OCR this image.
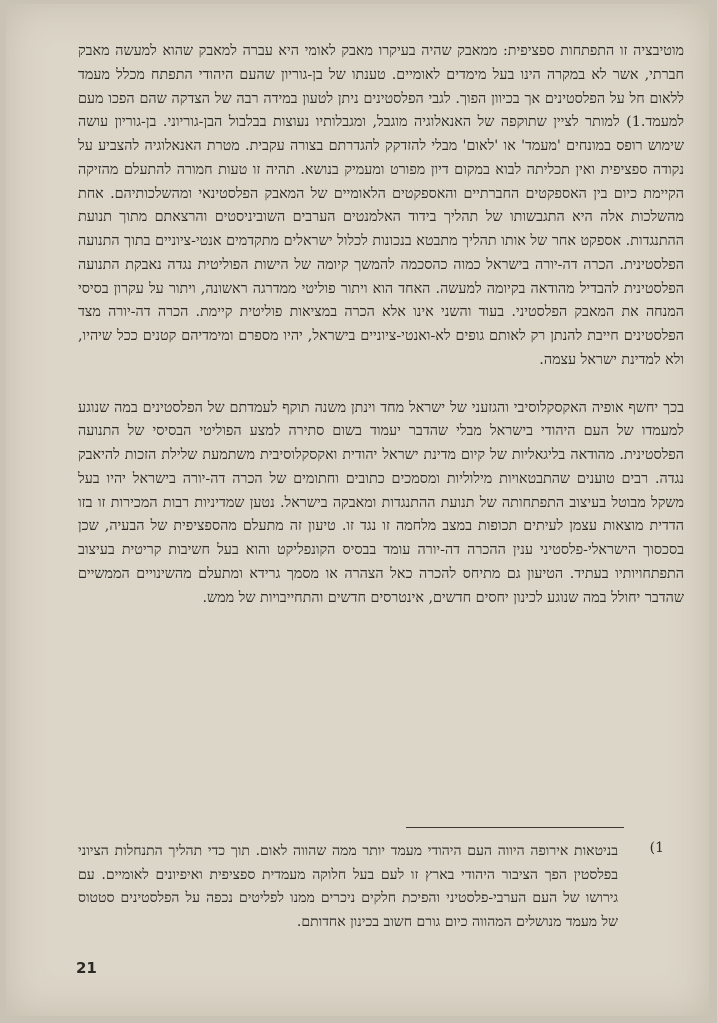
מוטיבציה זו התפתחות ספציפית: ממאבק שהיה בעיקרו מאבק לאומי היא עברה למאבק שהוא למעשה מאבק חברתי, אשר לא במקרה הינו בעל מימדים לאומיים. טענתו של בן-גוריון שהעם היהודי התפתח מכלל מעמד ללאום חל על הפלסטינים אך בכיוון הפוך. לגבי הפלסטינים ניתן לטעון במידה רבה של הצדקה שהם הפכו מעם למעמד.1) למותר לציין שתוקפה של האנאלוגיה מוגבל, ומגבלותיו נעוצות בבלבול הבן-גוריוני. בן-גוריון עושה שימוש רופס במונחים 'מעמד' או 'לאום' מבלי להזדקק להגדרתם בצורה עקבית. מטרת האנאלוגיה להצביע על נקודה ספציפית ואין תכליתה לבוא במקום דיון מפורט ומעמיק בנושא. תהיה זו טעות חמורה להתעלם מהזיקה הקיימת כיום בין האספקטים החברתיים והאספקטים הלאומיים של המאבק הפלסטינאי ומהשלכותיהם. אחת מהשלכות אלה היא התגבשותו של תהליך בידוד האלמנטים הערבים השוביניסטים והרצאתם מתוך תנועת ההתנגדות. אספקט אחר של אותו תהליך מתבטא בנכונות לכלול ישראלים מתקדמים אנטי-ציוניים בתוך התנועה הפלסטינית. הכרה דה-יורה בישראל כמוה כהסכמה להמשך קיומה של הישות הפוליטית נגדה נאבקת התנועה הפלסטינית להבדיל מהודאה בקיומה למעשה. האחד הוא ויתור פוליטי ממדרגה ראשונה, ויתור על עקרון בסיסי המנחה את המאבק הפלסטיני. בעוד והשני אינו אלא הכרה במציאות פוליטית קיימת. הכרה דה-יורה מצד הפלסטינים חייבת להנתן רק לאותם גופים לא-ואנטי-ציוניים בישראל, יהיו מספרם ומימדיהם קטנים ככל שיהיו, ולא למדינת ישראל עצמה.

בכך יחשף אופיה האקסקלוסיבי והגזעני של ישראל מחד וינתן משנה תוקף לעמדתם של הפלסטינים במה שנוגע למעמדו של העם היהודי בישראל מבלי שהדבר יעמוד בשום סתירה למצע הפוליטי הבסיסי של התנועה הפלסטינית. מהודאה בליגאליות של קיום מדינת ישראל יהודית ואקסקלוסיבית משתמעת שלילת הזכות להיאבק נגדה. רבים טוענים שהתבטאויות מילוליות ומסמכים כתובים וחתומים של הכרה דה-יורה בישראל יהיו בעל משקל מבוטל בעיצוב התפתחותה של תנועת ההתנגדות ומאבקה בישראל. נטען שמדיניות רבות המכירות זו בזו הדדית מוצאות עצמן לעיתים תכופות במצב מלחמה זו נגד זו. טיעון זה מתעלם מהספציפית של הבעיה, שכן בסכסוך הישראלי-פלסטיני ענין ההכרה דה-יורה עומד בבסיס הקונפליקט והוא בעל חשיבות קריטית בעיצוב התפתחויותיו בעתיד. הטיעון גם מתיחס להכרה כאל הצהרה או מסמך גרידא ומתעלם מהשינויים הממשיים שהדבר יחולל במה שנוגע לכינון יחסים חדשים, אינטרסים חדשים והתחייבויות של ממש.

1)
בניטאות אירופה היווה העם היהודי מעמד יותר ממה שהווה לאום. תוך כדי תהליך התנחלות הציוני בפלסטין הפך הציבור היהודי בארץ זו לעם בעל חלוקה מעמדית ספציפית ואיפיונים לאומיים. עם גירושו של העם הערבי-פלסטיני והפיכת חלקים ניכרים ממנו לפליטים נכפה על הפלסטינים סטטוס של מעמד מנושלים המהווה כיום גורם חשוב בכינון אחדותם.
21
